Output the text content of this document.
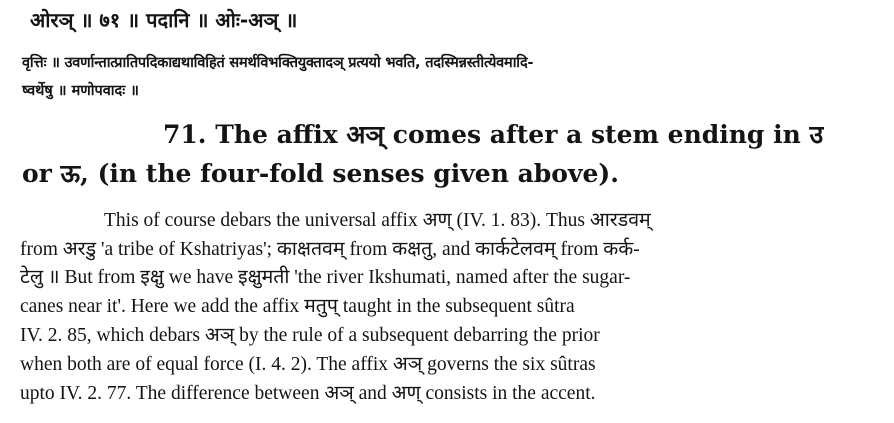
ओरञ् ॥ ७१ ॥ पदानि ॥ ओः-अञ् ॥
वृत्तिः ॥ उवर्णान्तात्प्रातिपदिकाद्यथाविहितं समर्थविभक्तियुक्तादञ् प्रत्ययो भवति, तदस्मिन्नस्तीत्येवमादि-
ष्वर्थेषु ॥ मणोपवादः ॥
71. The affix अञ् comes after a stem ending in उ
or ऊ, (in the four-fold senses given above).
This of course debars the universal affix अण् (IV. 1. 83). Thus आरडवम्
from अरडु 'a tribe of Kshatriyas'; काक्षतवम् from कक्षतु, and कार्कटेलवम् from कर्क-
टेलु ॥ But from इक्षु we have इक्षुमती 'the river Ikshumati, named after the sugar-
canes near it'. Here we add the affix मतुप् taught in the subsequent sûtra
IV. 2. 85, which debars अञ् by the rule of a subsequent debarring the prior
when both are of equal force (I. 4. 2). The affix अञ् governs the six sûtras
upto IV. 2. 77. The difference between अञ् and अण् consists in the accent.
